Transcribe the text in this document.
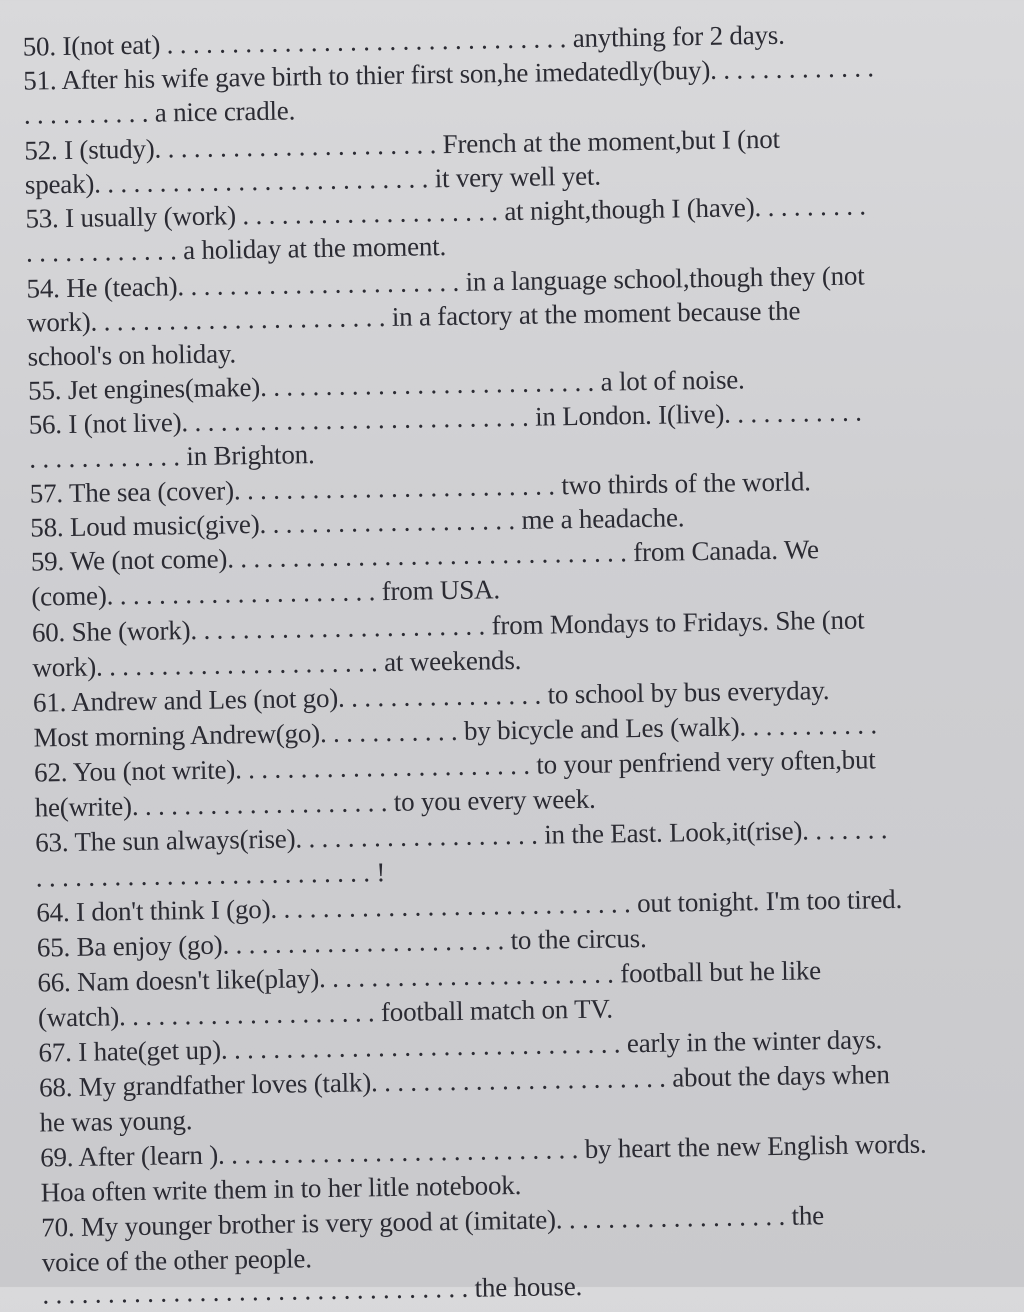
50. I(not eat) . . . . . . . . . . . . . . . . . . . . . . . . . . . . . . . anything for 2 days.
51. After his wife gave birth to thier first son,he imedatedly(buy). . . . . . . . . . . . .
. . . . . . . . . . a nice cradle.
52. I (study). . . . . . . . . . . . . . . . . . . . . . French at the moment,but I (not
speak). . . . . . . . . . . . . . . . . . . . . . . . . . it very well yet.
53. I usually (work) . . . . . . . . . . . . . . . . . . . . at night,though I (have). . . . . . . . .
. . . . . . . . . . . . a holiday at the moment.
54. He (teach). . . . . . . . . . . . . . . . . . . . . . in a language school,though they (not
work). . . . . . . . . . . . . . . . . . . . . . . in a factory at the moment because the
school's on holiday.
55. Jet engines(make). . . . . . . . . . . . . . . . . . . . . . . . . . a lot of noise.
56. I (not live). . . . . . . . . . . . . . . . . . . . . . . . . . . in London. I(live). . . . . . . . . . .
. . . . . . . . . . . . in Brighton.
57. The sea (cover). . . . . . . . . . . . . . . . . . . . . . . . . two thirds of the world.
58. Loud music(give). . . . . . . . . . . . . . . . . . . . me a headache.
59. We (not come). . . . . . . . . . . . . . . . . . . . . . . . . . . . . . . from Canada. We
(come). . . . . . . . . . . . . . . . . . . . . from USA.
60. She (work). . . . . . . . . . . . . . . . . . . . . . . from Mondays to Fridays. She (not
work). . . . . . . . . . . . . . . . . . . . . . at weekends.
61. Andrew and Les (not go). . . . . . . . . . . . . . . . to school by bus everyday.
Most morning Andrew(go). . . . . . . . . . . by bicycle and Les (walk). . . . . . . . . . .
62. You (not write). . . . . . . . . . . . . . . . . . . . . . . to your penfriend very often,but
he(write). . . . . . . . . . . . . . . . . . . . to you every week.
63. The sun always(rise). . . . . . . . . . . . . . . . . . . in the East. Look,it(rise). . . . . . .
. . . . . . . . . . . . . . . . . . . . . . . . . . !
64. I don't think I (go). . . . . . . . . . . . . . . . . . . . . . . . . . . . out tonight. I'm too tired.
65. Ba enjoy (go). . . . . . . . . . . . . . . . . . . . . . to the circus.
66. Nam doesn't like(play). . . . . . . . . . . . . . . . . . . . . . . football but he like
(watch). . . . . . . . . . . . . . . . . . . . football match on TV.
67. I hate(get up). . . . . . . . . . . . . . . . . . . . . . . . . . . . . . . early in the winter days.
68. My grandfather loves (talk). . . . . . . . . . . . . . . . . . . . . . . about the days when
he was young.
69. After (learn ). . . . . . . . . . . . . . . . . . . . . . . . . . . . by heart the new English words.
Hoa often write them in to her litle notebook.
70. My younger brother is very good at (imitate). . . . . . . . . . . . . . . . . . the
voice of the other people.
. . . . . . . . . . . . . . . . . . . . . . . . . . . . . . . . . the house.
